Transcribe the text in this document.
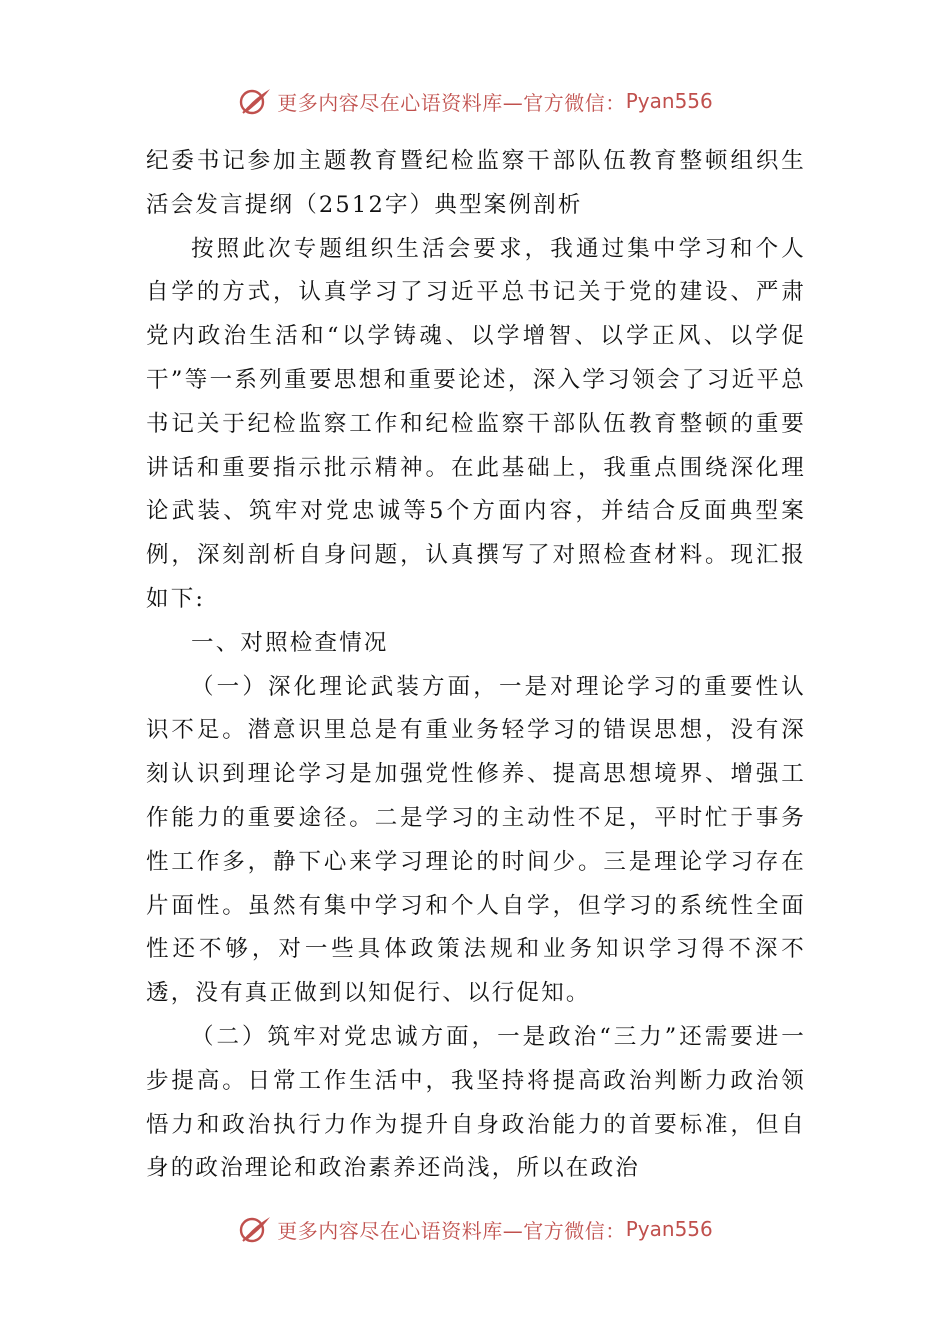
更多内容尽在心语资料库—官方微信： Pyan556

纪委书记参加主题教育暨纪检监察干部队伍教育整顿组织生活会发言提纲（2512字）典型案例剖析

按照此次专题组织生活会要求，我通过集中学习和个人自学的方式，认真学习了习近平总书记关于党的建设、严肃党内政治生活和“以学铸魂、以学增智、以学正风、以学促干”等一系列重要思想和重要论述，深入学习领会了习近平总书记关于纪检监察工作和纪检监察干部队伍教育整顿的重要讲话和重要指示批示精神。在此基础上，我重点围绕深化理论武装、筑牢对党忠诚等5个方面内容，并结合反面典型案例，深刻剖析自身问题，认真撰写了对照检查材料。现汇报如下:

一、对照检查情况

（一）深化理论武装方面，一是对理论学习的重要性认识不足。潜意识里总是有重业务轻学习的错误思想，没有深刻认识到理论学习是加强党性修养、提高思想境界、增强工作能力的重要途径。二是学习的主动性不足，平时忙于事务性工作多，静下心来学习理论的时间少。三是理论学习存在片面性。虽然有集中学习和个人自学，但学习的系统性全面性还不够，对一些具体政策法规和业务知识学习得不深不透，没有真正做到以知促行、以行促知。

（二）筑牢对党忠诚方面，一是政治“三力”还需要进一步提高。日常工作生活中，我坚持将提高政治判断力政治领悟力和政治执行力作为提升自身政治能力的首要标准，但自身的政治理论和政治素养还尚浅，所以在政治

更多内容尽在心语资料库—官方微信： Pyan556
